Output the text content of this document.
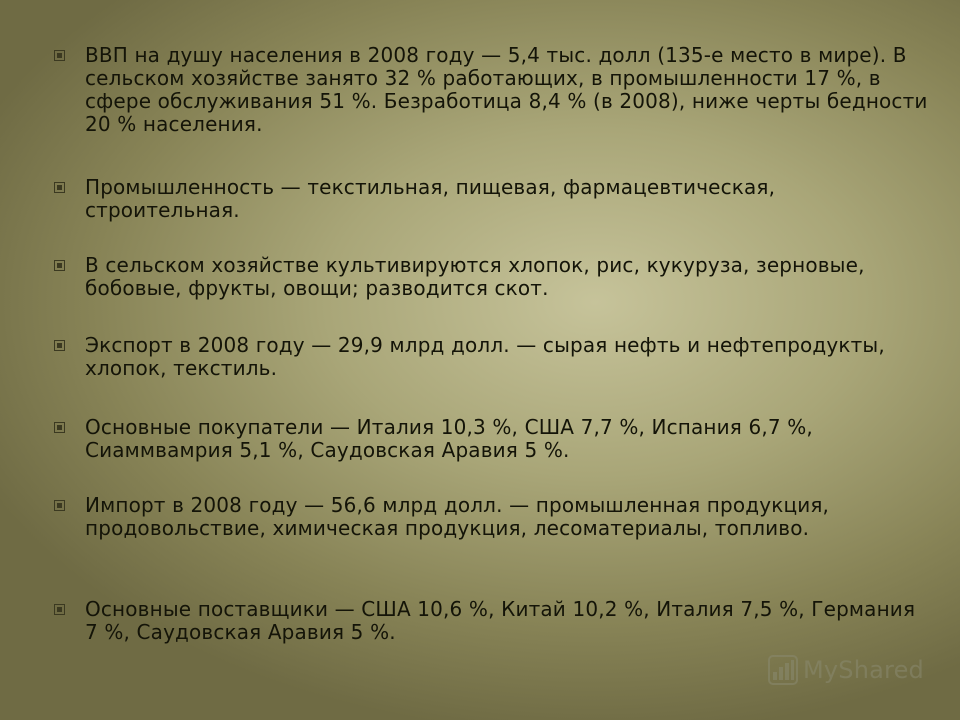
ВВП на душу населения в 2008 году — 5,4 тыс. долл (135-е место в мире). В сельском хозяйстве занято 32 % работающих, в промышленности 17 %, в сфере обслуживания 51 %. Безработица 8,4 % (в 2008), ниже черты бедности 20 % населения.
Промышленность — текстильная, пищевая, фармацевтическая, строительная.
В сельском хозяйстве культивируются хлопок, рис, кукуруза, зерновые, бобовые, фрукты, овощи; разводится скот.
Экспорт в 2008 году — 29,9 млрд долл. — сырая нефть и нефтепродукты, хлопок, текстиль.
Основные покупатели — Италия 10,3 %, США 7,7 %, Испания 6,7 %, Сиаммвамрия 5,1 %, Саудовская Аравия 5 %.
Импорт в 2008 году — 56,6 млрд долл. — промышленная продукция, продовольствие, химическая продукция, лесоматериалы, топливо.
Основные поставщики — США 10,6 %, Китай 10,2 %, Италия 7,5 %, Германия 7 %, Саудовская Аравия 5 %.
MyShared
